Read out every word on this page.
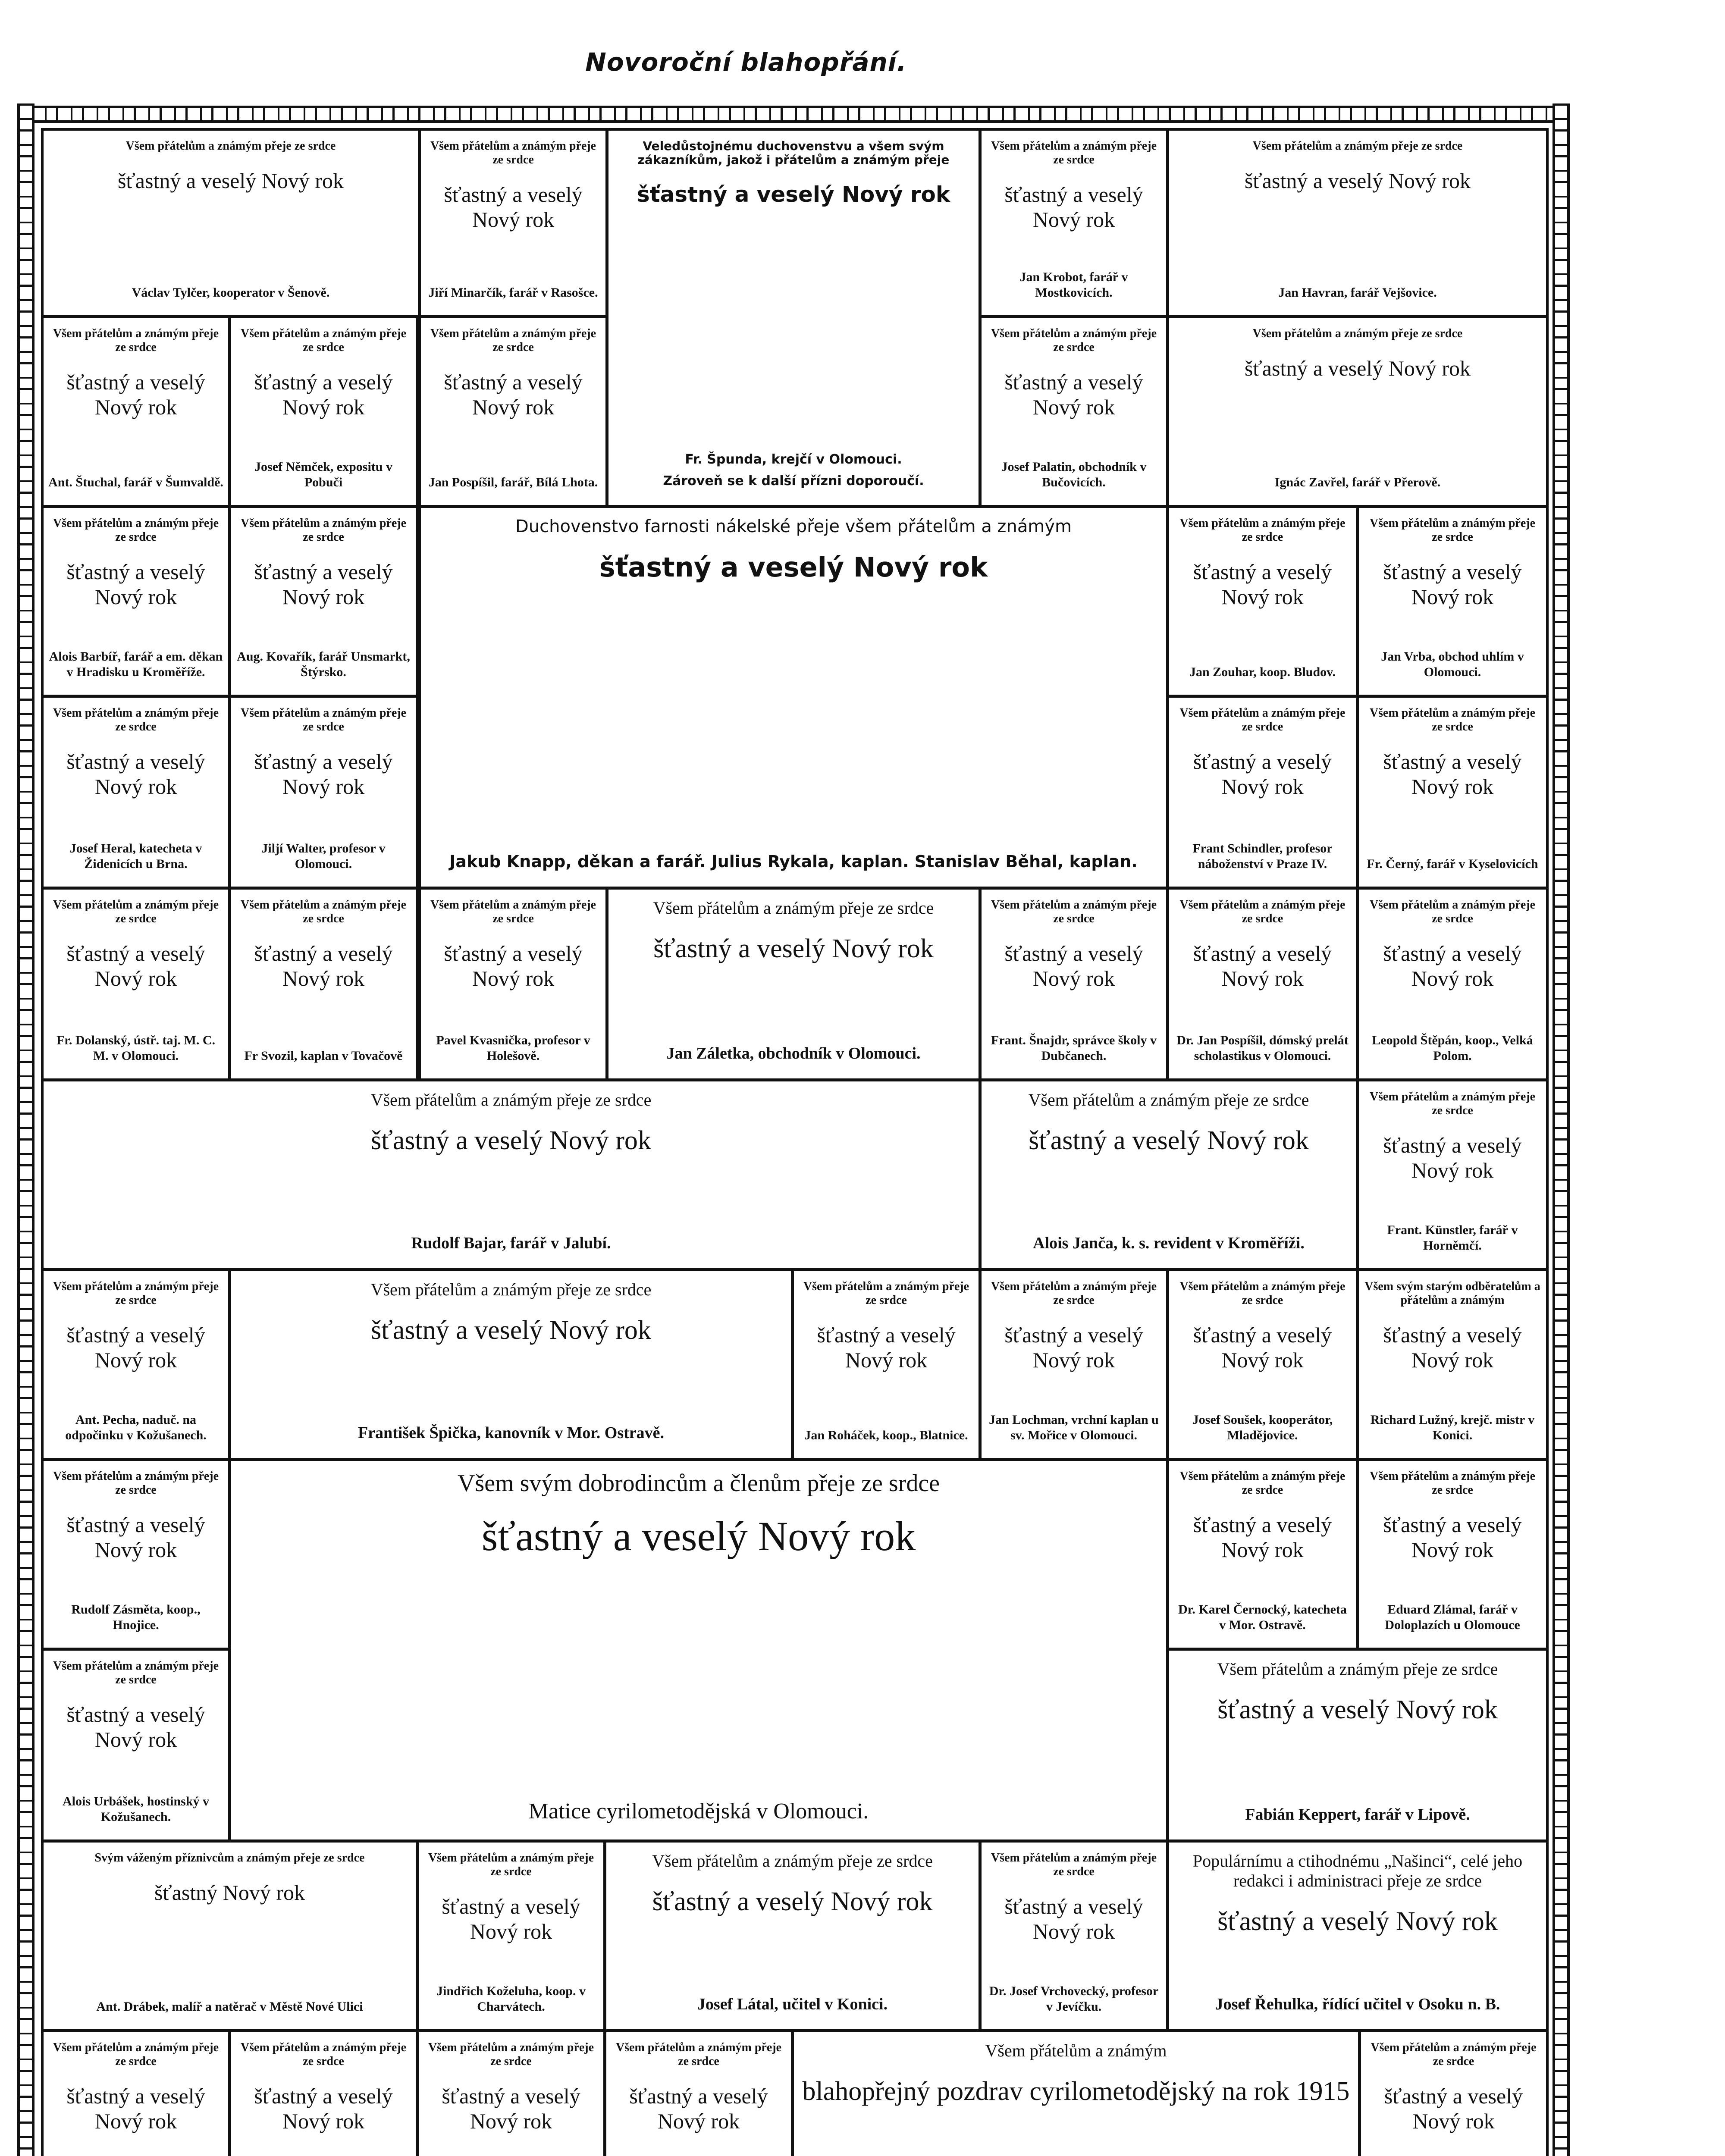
Novoroční blahopřání.
Všem přátelům a známým přeje ze srdce
šťastný a veselý Nový rok
Václav Tylčer, kooperator v Šenově.
Všem přátelům a známým přeje ze srdce
šťastný a veselý Nový rok
Jiří Minarčík, farář v Rasošce.
Veledůstojnému duchovenstvu a všem svým zákazníkům, jakož i přátelům a známým přeje
šťastný a veselý Nový rok
Fr. Špunda, krejčí v Olomouci.
Zároveň se k další přízni doporoučí.
Všem přátelům a známým přeje ze srdce
šťastný a veselý Nový rok
Jan Krobot, farář v Mostkovicích.
Všem přátelům a známým přeje ze srdce
šťastný a veselý Nový rok
Jan Havran, farář Vejšovice.
Všem přátelům a známým přeje ze srdce
šťastný a veselý Nový rok
Ant. Štuchal, farář v Šumvaldě.
Všem přátelům a známým přeje ze srdce
šťastný a veselý Nový rok
Josef Němček, expositu v Pobuči
Všem přátelům a známým přeje ze srdce
šťastný a veselý Nový rok
Jan Pospíšil, farář, Bílá Lhota.
Všem přátelům a známým přeje ze srdce
šťastný a veselý Nový rok
Josef Palatin, obchodník v Bučovicích.
Všem přátelům a známým přeje ze srdce
šťastný a veselý Nový rok
Ignác Zavřel, farář v Přerově.
Všem přátelům a známým přeje ze srdce
šťastný a veselý Nový rok
Alois Barbíř, farář a em. děkan v Hradisku u Kroměříže.
Všem přátelům a známým přeje ze srdce
šťastný a veselý Nový rok
Aug. Kovařík, farář Unsmarkt, Štýrsko.
Duchovenstvo farnosti nákelské přeje všem přátelům a známým
šťastný a veselý Nový rok
Jakub Knapp, děkan a farář. Julius Rykala, kaplan. Stanislav Běhal, kaplan.
Všem přátelům a známým přeje ze srdce
šťastný a veselý Nový rok
Jan Zouhar, koop. Bludov.
Všem přátelům a známým přeje ze srdce
šťastný a veselý Nový rok
Jan Vrba, obchod uhlím v Olomouci.
Všem přátelům a známým přeje ze srdce
šťastný a veselý Nový rok
Josef Heral, katecheta v Židenicích u Brna.
Všem přátelům a známým přeje ze srdce
šťastný a veselý Nový rok
Jiljí Walter, profesor v Olomouci.
Všem přátelům a známým přeje ze srdce
šťastný a veselý Nový rok
Frant Schindler, profesor náboženství v Praze IV.
Všem přátelům a známým přeje ze srdce
šťastný a veselý Nový rok
Fr. Černý, farář v Kyselovicích
Všem přátelům a známým přeje ze srdce
šťastný a veselý Nový rok
Fr. Dolanský, ústř. taj. M. C. M. v Olomouci.
Všem přátelům a známým přeje ze srdce
šťastný a veselý Nový rok
Fr Svozil, kaplan v Tovačově
Všem přátelům a známým přeje ze srdce
šťastný a veselý Nový rok
Pavel Kvasnička, profesor v Holešově.
Všem přátelům a známým přeje ze srdce
šťastný a veselý Nový rok
Jan Záletka, obchodník v Olomouci.
Všem přátelům a známým přeje ze srdce
šťastný a veselý Nový rok
Frant. Šnajdr, správce školy v Dubčanech.
Všem přátelům a známým přeje ze srdce
šťastný a veselý Nový rok
Dr. Jan Pospíšil, dómský prelát scholastikus v Olomouci.
Všem přátelům a známým přeje ze srdce
šťastný a veselý Nový rok
Leopold Štěpán, koop., Velká Polom.
Všem přátelům a známým přeje ze srdce
šťastný a veselý Nový rok
Rudolf Bajar, farář v Jalubí.
Všem přátelům a známým přeje ze srdce
šťastný a veselý Nový rok
Alois Janča, k. s. revident v Kroměříži.
Všem přátelům a známým přeje ze srdce
šťastný a veselý Nový rok
Frant. Künstler, farář v Horněmčí.
Všem přátelům a známým přeje ze srdce
šťastný a veselý Nový rok
Ant. Pecha, naduč. na odpočinku v Kožušanech.
Všem přátelům a známým přeje ze srdce
šťastný a veselý Nový rok
František Špička, kanovník v Mor. Ostravě.
Všem přátelům a známým přeje ze srdce
šťastný a veselý Nový rok
Jan Roháček, koop., Blatnice.
Všem přátelům a známým přeje ze srdce
šťastný a veselý Nový rok
Jan Lochman, vrchní kaplan u sv. Mořice v Olomouci.
Všem přátelům a známým přeje ze srdce
šťastný a veselý Nový rok
Josef Soušek, kooperátor, Mladějovice.
Všem svým starým odběratelům a přátelům a známým
šťastný a veselý Nový rok
Richard Lužný, krejč. mistr v Konici.
Všem přátelům a známým přeje ze srdce
šťastný a veselý Nový rok
Rudolf Zásměta, koop., Hnojice.
Všem svým dobrodincům a členům přeje ze srdce
šťastný a veselý Nový rok
Matice cyrilometodějská v Olomouci.
Všem přátelům a známým přeje ze srdce
šťastný a veselý Nový rok
Dr. Karel Černocký, katecheta v Mor. Ostravě.
Všem přátelům a známým přeje ze srdce
šťastný a veselý Nový rok
Eduard Zlámal, farář v Doloplazích u Olomouce
Všem přátelům a známým přeje ze srdce
šťastný a veselý Nový rok
Alois Urbášek, hostinský v Kožušanech.
Všem přátelům a známým přeje ze srdce
šťastný a veselý Nový rok
Fabián Keppert, farář v Lipově.
Svým váženým příznivcům a známým přeje ze srdce
šťastný Nový rok
Ant. Drábek, malíř a natěrač v Městě Nové Ulici
Všem přátelům a známým přeje ze srdce
šťastný a veselý Nový rok
Jindřich Koželuha, koop. v Charvátech.
Všem přátelům a známým přeje ze srdce
šťastný a veselý Nový rok
Josef Látal, učitel v Konici.
Všem přátelům a známým přeje ze srdce
šťastný a veselý Nový rok
Dr. Josef Vrchovecký, profesor v Jevíčku.
Populárnímu a ctihodnému „Našinci“, celé jeho redakci i administraci přeje ze srdce
šťastný a veselý Nový rok
Josef Řehulka, řídící učitel v Osoku n. B.
Všem přátelům a známým přeje ze srdce
šťastný a veselý Nový rok
Všem přátelům a známým přeje ze srdce
šťastný a veselý Nový rok
Všem přátelům a známým přeje ze srdce
šťastný a veselý Nový rok
Všem přátelům a známým přeje ze srdce
šťastný a veselý Nový rok
Všem přátelům a známým
blahopřejný pozdrav cyrilometodějský na rok 1915
Všem přátelům a známým přeje ze srdce
šťastný a veselý Nový rok
